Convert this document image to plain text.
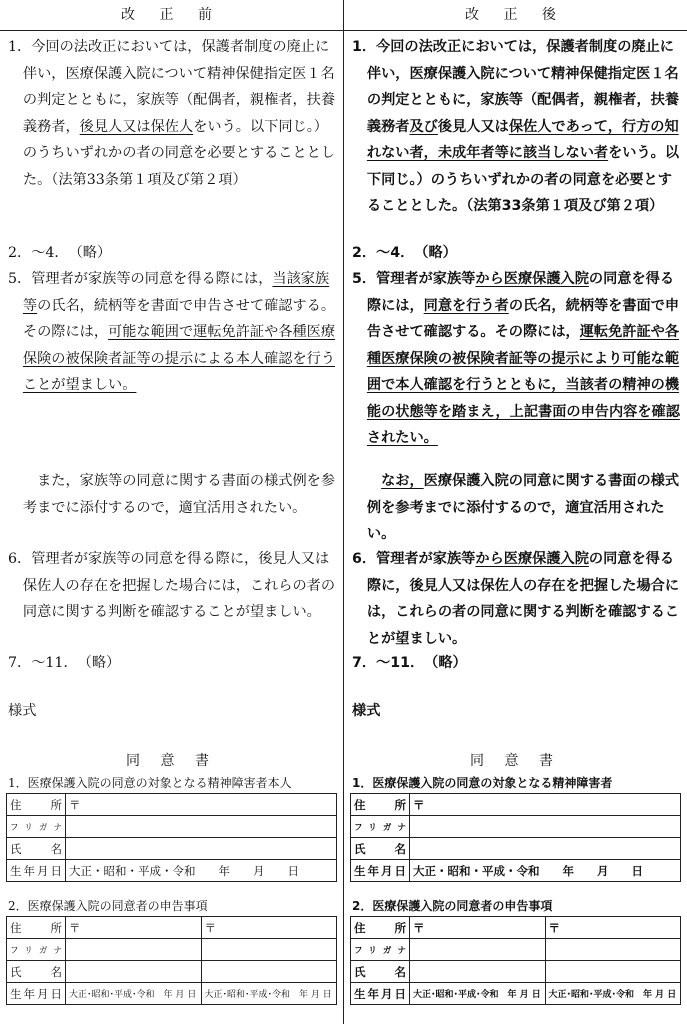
改 正 前
1．今回の法改正においては，保護者制度の廃止に伴い，医療保護入院について精神保健指定医１名の判定とともに，家族等（配偶者，親権者，扶養義務者，後見人又は保佐人をいう。以下同じ。）のうちいずれかの者の同意を必要とすることとした。（法第33条第１項及び第２項）
2．～4．　（略）
5．管理者が家族等の同意を得る際には，当該家族等の氏名，続柄等を書面で申告させて確認する。その際には，可能な範囲で運転免許証や各種医療保険の被保険者証等の提示による本人確認を行うことが望ましい。
また，家族等の同意に関する書面の様式例を参考までに添付するので，適宜活用されたい。
6．管理者が家族等の同意を得る際に，後見人又は保佐人の存在を把握した場合には，これらの者の同意に関する判断を確認することが望ましい。
7．～11．　（略）
様式
同 意 書
1．医療保護入院の同意の対象となる精神障害者本人
住　所	〒
フリガナ	
氏　名	
生年月日	大正・昭和・平成・令和　　年　　月　　日
2．医療保護入院の同意者の申告事項
住　所	〒	〒
フリガナ		
氏　名		
生年月日	大正･昭和･平成･令和　年 月 日	大正･昭和･平成･令和　年 月 日
改 正 後
1．今回の法改正においては，保護者制度の廃止に伴い，医療保護入院について精神保健指定医１名の判定とともに，家族等（配偶者，親権者，扶養義務者及び後見人又は保佐人であって，行方の知れない者，未成年者等に該当しない者をいう。以下同じ。）のうちいずれかの者の同意を必要とすることとした。（法第33条第１項及び第２項）
2．～4．　（略）
5．管理者が家族等から医療保護入院の同意を得る際には，同意を行う者の氏名，続柄等を書面で申告させて確認する。その際には，運転免許証や各種医療保険の被保険者証等の提示により可能な範囲で本人確認を行うとともに，当該者の精神の機能の状態等を踏まえ，上記書面の申告内容を確認されたい。
なお，医療保護入院の同意に関する書面の様式例を参考までに添付するので，適宜活用されたい。
6．管理者が家族等から医療保護入院の同意を得る際に，後見人又は保佐人の存在を把握した場合には，これらの者の同意に関する判断を確認することが望ましい。
7．～11．　（略）
様式
同 意 書
1．医療保護入院の同意の対象となる精神障害者
住　所	〒
フリガナ	
氏　名	
生年月日	大正・昭和・平成・令和　　年　　月　　日
2．医療保護入院の同意者の申告事項
住　所	〒	〒
フリガナ		
氏　名		
生年月日	大正･昭和･平成･令和　年 月 日	大正･昭和･平成･令和　年 月 日
